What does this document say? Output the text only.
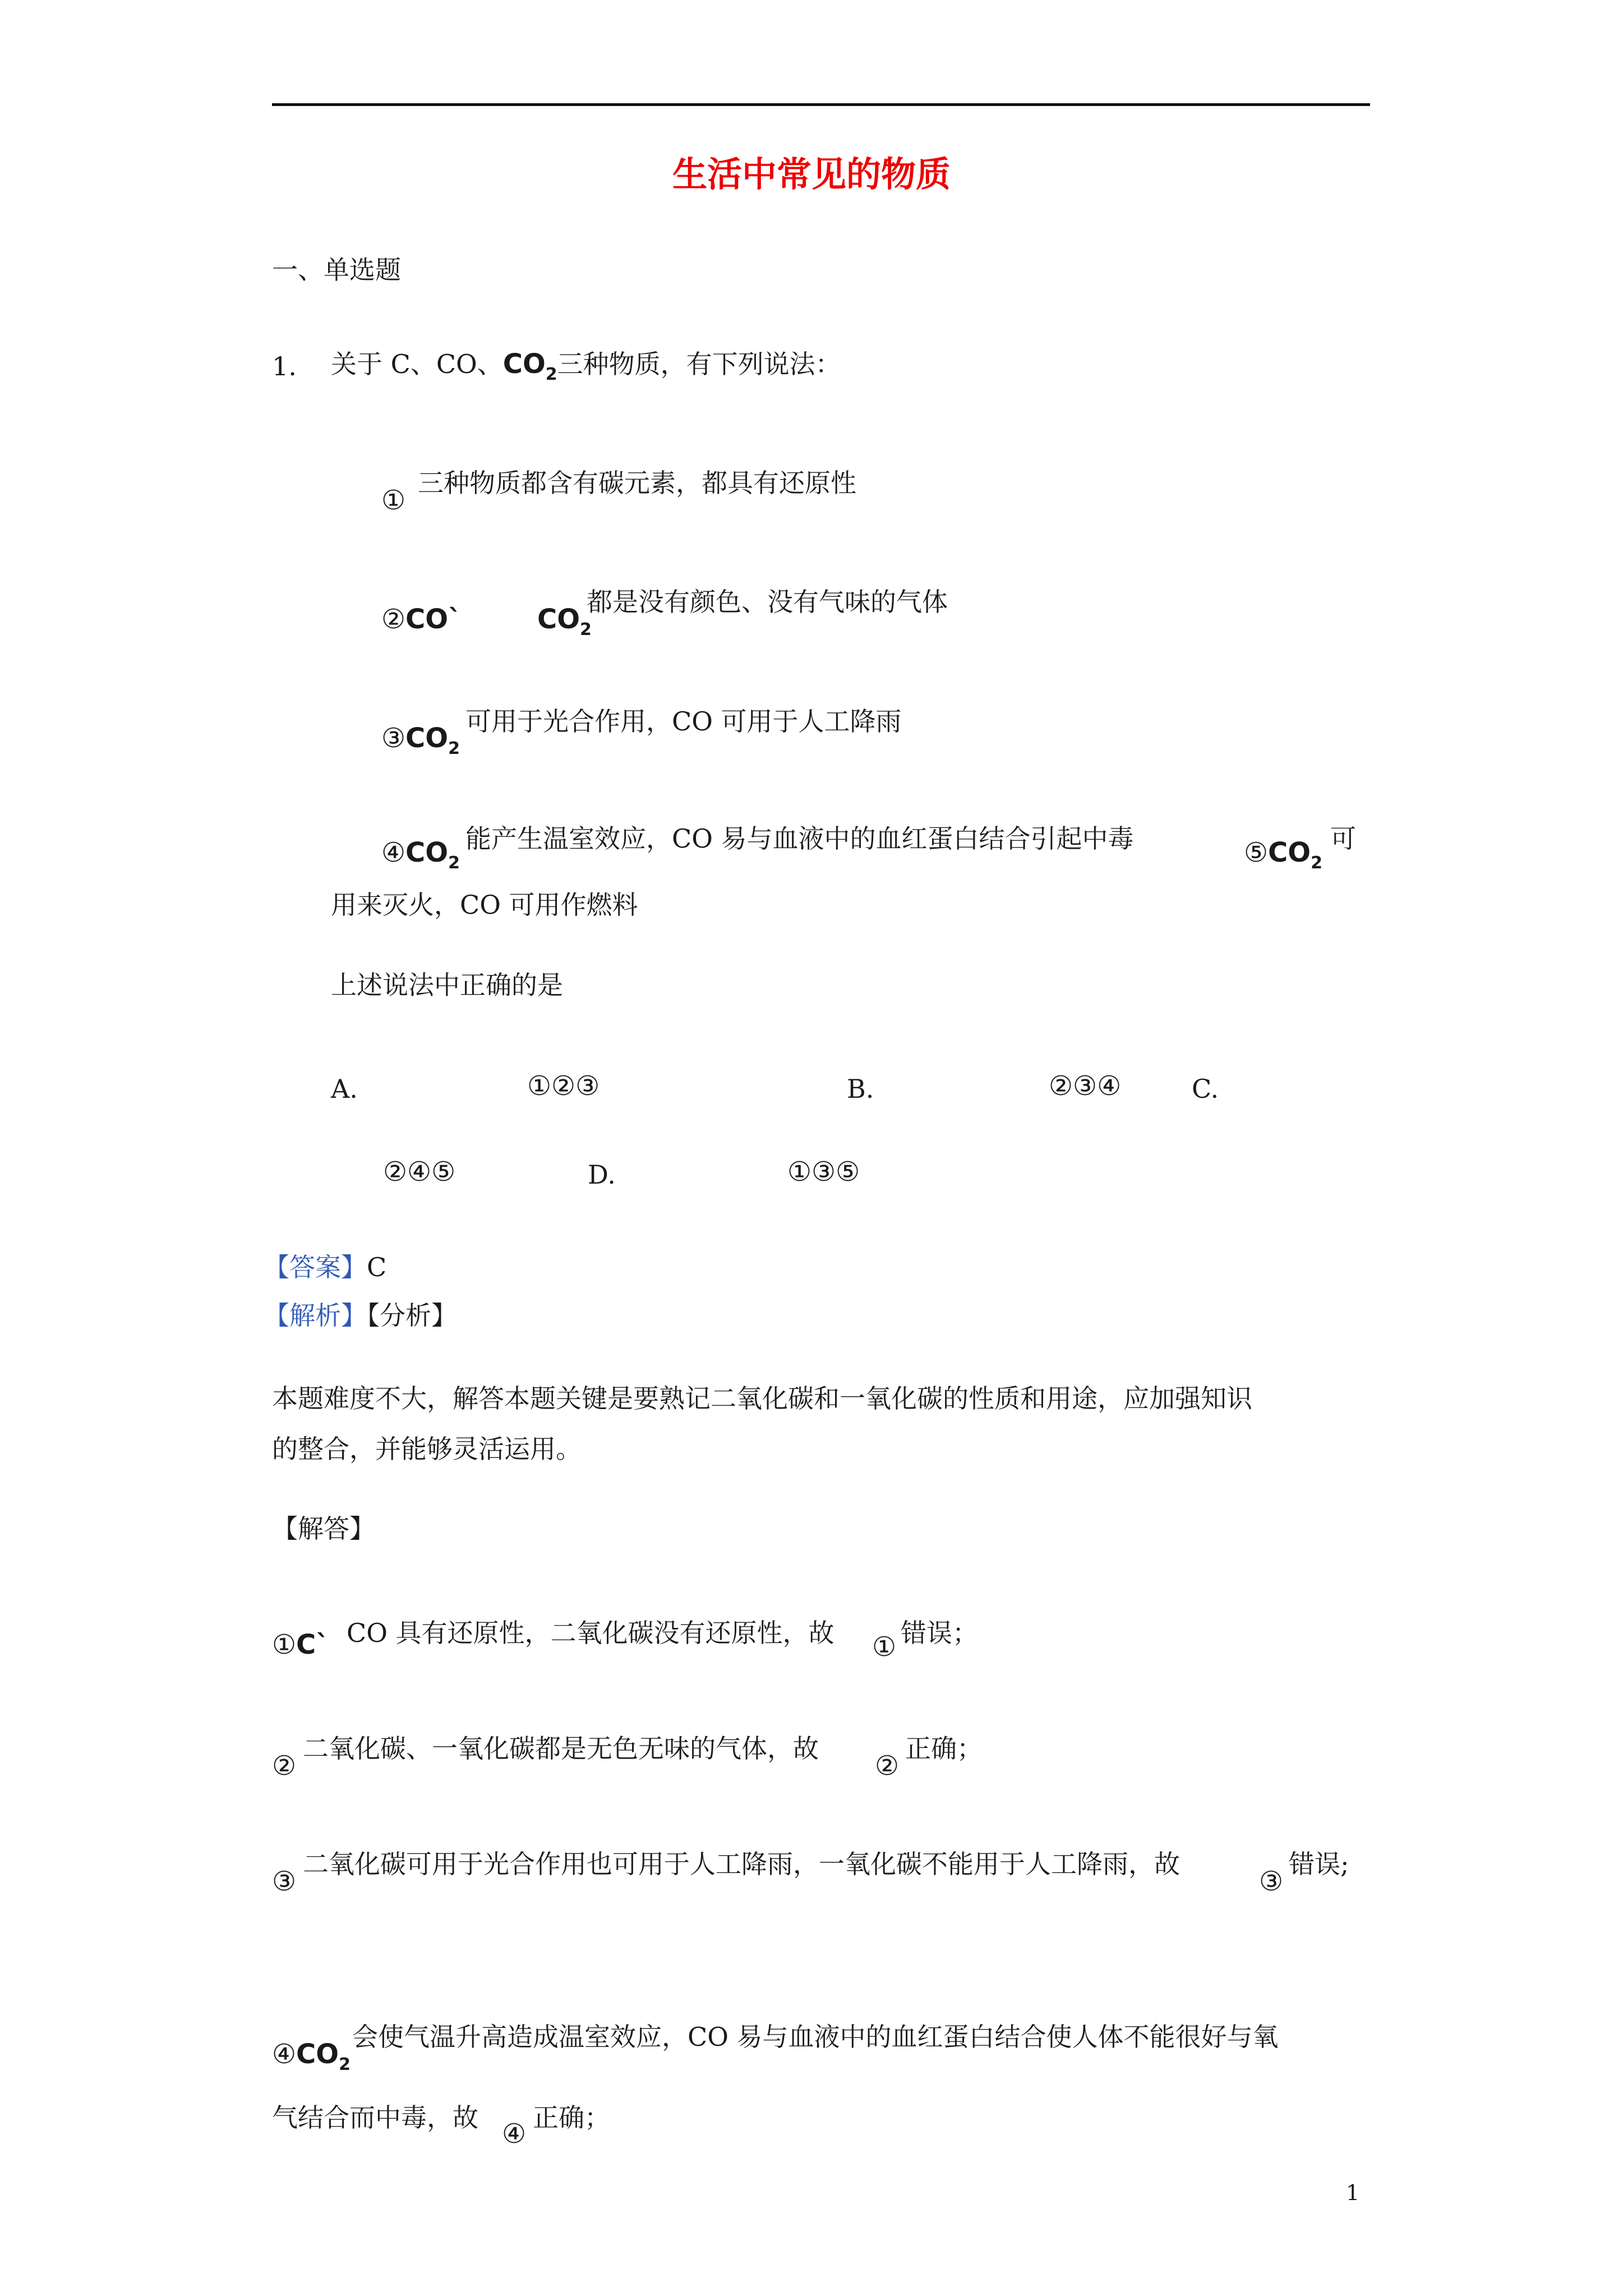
生活中常见的物质
一、单选题
1. 关于 C、CO、$CO_2$三种物质，有下列说法：
①
三种物质都含有碳元素，都具有还原性
②CO`	$CO_2$
都是没有颜色、没有气味的气体
$③CO_2$
可用于光合作用，CO 可用于人工降雨
$④CO_2$
能产生温室效应，CO 易与血液中的血红蛋白结合引起中毒	$⑤CO_2$
可
用来灭火，CO 可用作燃料
上述说法中正确的是
A.	①②③	B.	②③④	C.
②④⑤	D.	①③⑤
【答案】C
【解析】【分析】
本题难度不大，解答本题关键是要熟记二氧化碳和一氧化碳的性质和用途，应加强知识
的整合，并能够灵活运用。
【解答】
①C` CO 具有还原性，二氧化碳没有还原性，故 ① 错误；
②
二氧化碳、一氧化碳都是无色无味的气体，故
②
正确；
③
二氧化碳可用于光合作用也可用于人工降雨，一氧化碳不能用于人工降雨，故
③
错误;
$④CO_2$
会使气温升高造成温室效应，CO 易与血液中的血红蛋白结合使人体不能很好与氧
气结合而中毒，故
④
正确；
1
